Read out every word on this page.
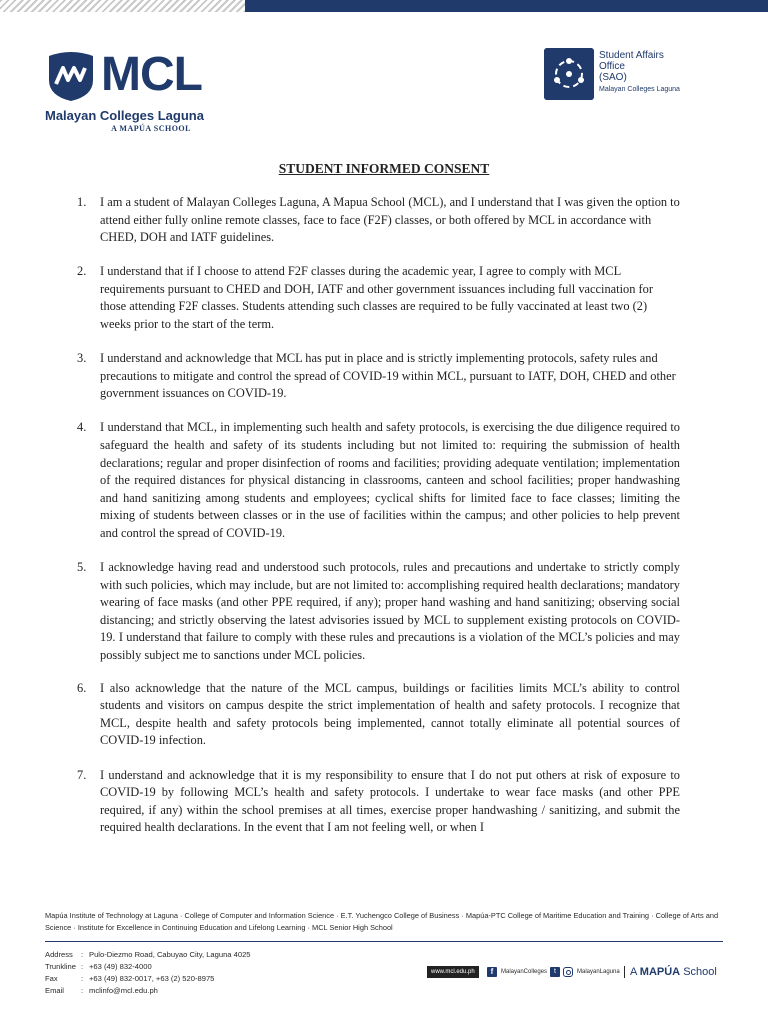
MCL
Malayan Colleges Laguna
A MAPÚA SCHOOL
Student Affairs
Office
(SAO)
Malayan Colleges Laguna
STUDENT INFORMED CONSENT
1. I am a student of Malayan Colleges Laguna, A Mapua School (MCL), and I understand that I was given the option to attend either fully online remote classes, face to face (F2F) classes, or both offered by MCL in accordance with CHED, DOH and IATF guidelines.
2. I understand that if I choose to attend F2F classes during the academic year, I agree to comply with MCL requirements pursuant to CHED and DOH, IATF and other government issuances including full vaccination for those attending F2F classes. Students attending such classes are required to be fully vaccinated at least two (2) weeks prior to the start of the term.
3. I understand and acknowledge that MCL has put in place and is strictly implementing protocols, safety rules and precautions to mitigate and control the spread of COVID-19 within MCL, pursuant to IATF, DOH, CHED and other government issuances on COVID-19.
4. I understand that MCL, in implementing such health and safety protocols, is exercising the due diligence required to safeguard the health and safety of its students including but not limited to: requiring the submission of health declarations; regular and proper disinfection of rooms and facilities; providing adequate ventilation; implementation of the required distances for physical distancing in classrooms, canteen and school facilities; proper handwashing and hand sanitizing among students and employees; cyclical shifts for limited face to face classes; limiting the mixing of students between classes or in the use of facilities within the campus; and other policies to help prevent and control the spread of COVID-19.
5. I acknowledge having read and understood such protocols, rules and precautions and undertake to strictly comply with such policies, which may include, but are not limited to: accomplishing required health declarations; mandatory wearing of face masks (and other PPE required, if any); proper hand washing and hand sanitizing; observing social distancing; and strictly observing the latest advisories issued by MCL to supplement existing protocols on COVID-19. I understand that failure to comply with these rules and precautions is a violation of the MCL’s policies and may possibly subject me to sanctions under MCL policies.
6. I also acknowledge that the nature of the MCL campus, buildings or facilities limits MCL’s ability to control students and visitors on campus despite the strict implementation of health and safety protocols. I recognize that MCL, despite health and safety protocols being implemented, cannot totally eliminate all potential sources of COVID-19 infection.
7. I understand and acknowledge that it is my responsibility to ensure that I do not put others at risk of exposure to COVID-19 by following MCL’s health and safety protocols. I undertake to wear face masks (and other PPE required, if any) within the school premises at all times, exercise proper handwashing / sanitizing, and submit the required health declarations. In the event that I am not feeling well, or when I
Mapúa Institute of Technology at Laguna · College of Computer and Information Science · E.T. Yuchengco College of Business · Mapúa-PTC College of Maritime Education and Training · College of Arts and Science · Institute for Excellence in Continuing Education and Lifelong Learning · MCL Senior High School
Address : Pulo-Diezmo Road, Cabuyao City, Laguna 4025
Trunkline : +63 (49) 832-4000
Fax	: +63 (49) 832-0017, +63 (2) 520-8975
Email : mclinfo@mcl.edu.ph
www.mcl.edu.ph	f	MalayanColleges t	MalayanLaguna A MAPÚA School
